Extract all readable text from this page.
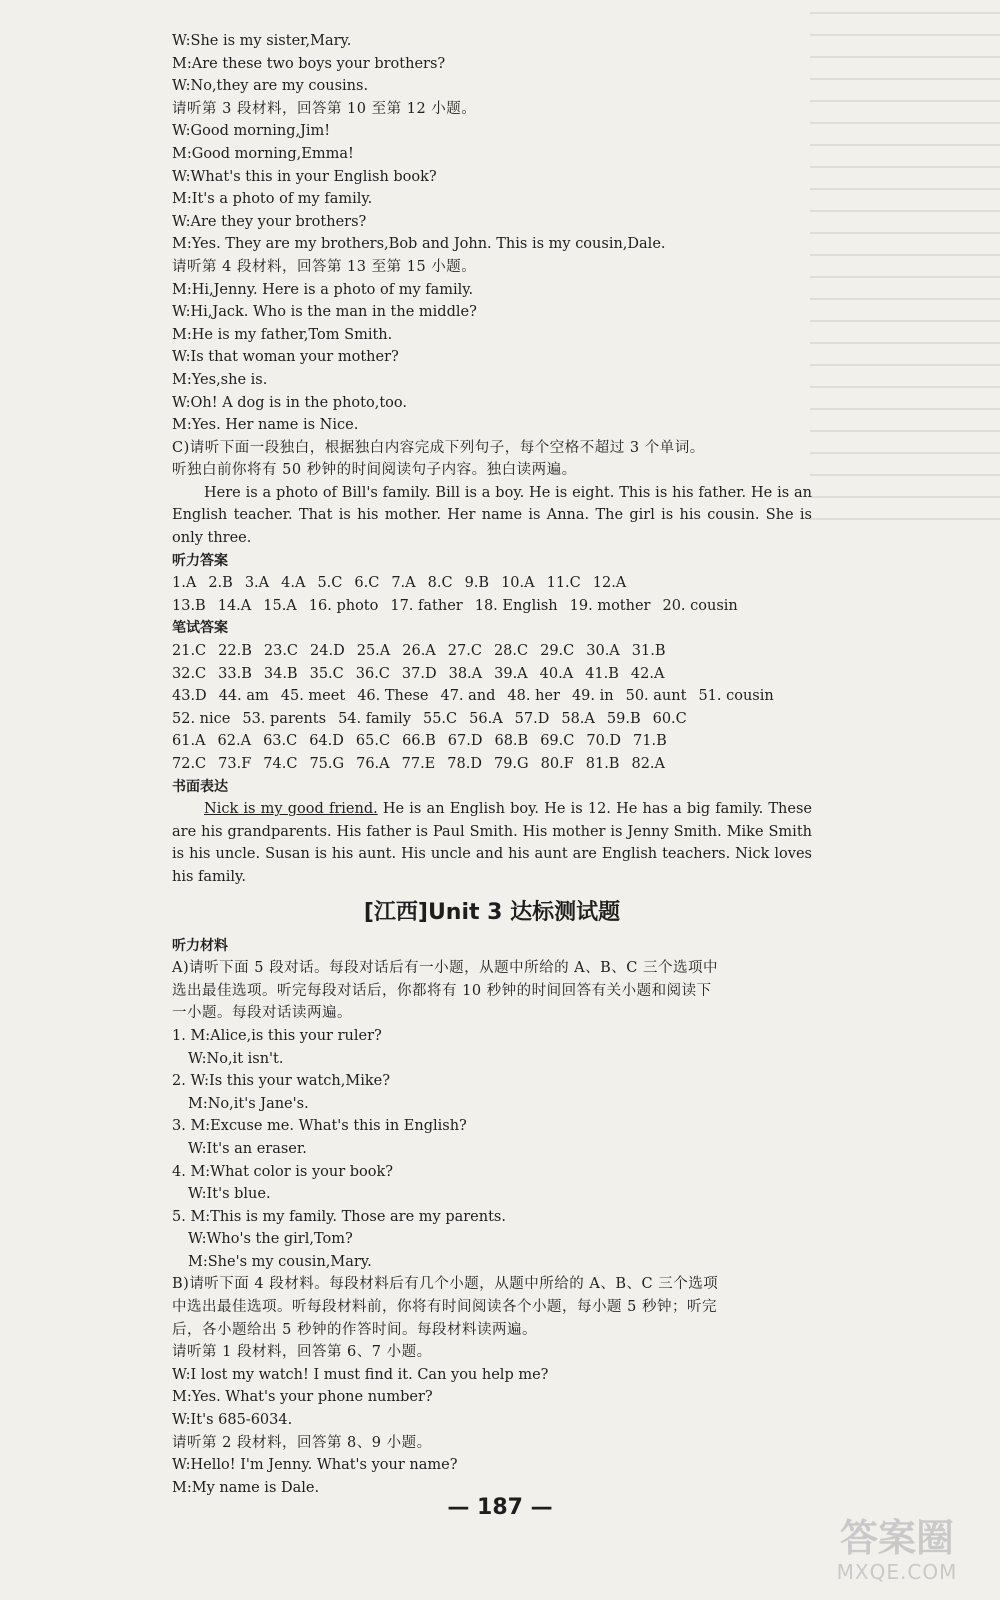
W:She is my sister,Mary.
M:Are these two boys your brothers?
W:No,they are my cousins.
请听第 3 段材料，回答第 10 至第 12 小题。
W:Good morning,Jim!
M:Good morning,Emma!
W:What's this in your English book?
M:It's a photo of my family.
W:Are they your brothers?
M:Yes. They are my brothers,Bob and John. This is my cousin,Dale.
请听第 4 段材料，回答第 13 至第 15 小题。
M:Hi,Jenny. Here is a photo of my family.
W:Hi,Jack. Who is the man in the middle?
M:He is my father,Tom Smith.
W:Is that woman your mother?
M:Yes,she is.
W:Oh! A dog is in the photo,too.
M:Yes. Her name is Nice.
C)请听下面一段独白，根据独白内容完成下列句子，每个空格不超过 3 个单词。
听独白前你将有 50 秒钟的时间阅读句子内容。独白读两遍。
Here is a photo of Bill's family. Bill is a boy. He is eight. This is his father. He is an English teacher. That is his mother. Her name is Anna. The girl is his cousin. She is only three.
听力答案
1.A 2.B 3.A 4.A 5.C 6.C 7.A 8.C 9.B 10.A 11.C 12.A
13.B 14.A 15.A 16. photo 17. father 18. English 19. mother 20. cousin
笔试答案
21.C 22.B 23.C 24.D 25.A 26.A 27.C 28.C 29.C 30.A 31.B
32.C 33.B 34.B 35.C 36.C 37.D 38.A 39.A 40.A 41.B 42.A
43.D 44. am 45. meet 46. These 47. and 48. her 49. in 50. aunt 51. cousin
52. nice 53. parents 54. family 55.C 56.A 57.D 58.A 59.B 60.C
61.A 62.A 63.C 64.D 65.C 66.B 67.D 68.B 69.C 70.D 71.B
72.C 73.F 74.C 75.G 76.A 77.E 78.D 79.G 80.F 81.B 82.A
书面表达
Nick is my good friend. He is an English boy. He is 12. He has a big family. These are his grandparents. His father is Paul Smith. His mother is Jenny Smith. Mike Smith is his uncle. Susan is his aunt. His uncle and his aunt are English teachers. Nick loves his family.
[江西]Unit 3 达标测试题
听力材料
A)请听下面 5 段对话。每段对话后有一小题，从题中所给的 A、B、C 三个选项中
选出最佳选项。听完每段对话后，你都将有 10 秒钟的时间回答有关小题和阅读下
一小题。每段对话读两遍。
1. M:Alice,is this your ruler?
W:No,it isn't.
2. W:Is this your watch,Mike?
M:No,it's Jane's.
3. M:Excuse me. What's this in English?
W:It's an eraser.
4. M:What color is your book?
W:It's blue.
5. M:This is my family. Those are my parents.
W:Who's the girl,Tom?
M:She's my cousin,Mary.
B)请听下面 4 段材料。每段材料后有几个小题，从题中所给的 A、B、C 三个选项
中选出最佳选项。听每段材料前，你将有时间阅读各个小题，每小题 5 秒钟；听完
后，各小题给出 5 秒钟的作答时间。每段材料读两遍。
请听第 1 段材料，回答第 6、7 小题。
W:I lost my watch! I must find it. Can you help me?
M:Yes. What's your phone number?
W:It's 685-6034.
请听第 2 段材料，回答第 8、9 小题。
W:Hello! I'm Jenny. What's your name?
M:My name is Dale.
— 187 —
答案圈
MXQE.COM
